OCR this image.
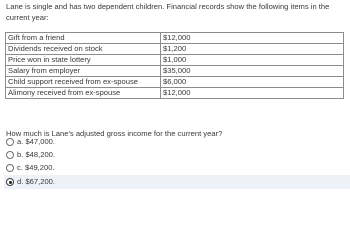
Lane is single and has two dependent children. Financial records show the following items in the current year:
Gift from a friend	$12,000
Dividends received on stock	$1,200
Price won in state lottery	$1,000
Salary from employer	$35,000
Child support received from ex-spouse	$6,000
Alimony received from ex-spouse	$12,000
How much is Lane's adjusted gross income for the current year?
a. $47,000.
b. $48,200.
c. $49,200.
d. $67,200.
